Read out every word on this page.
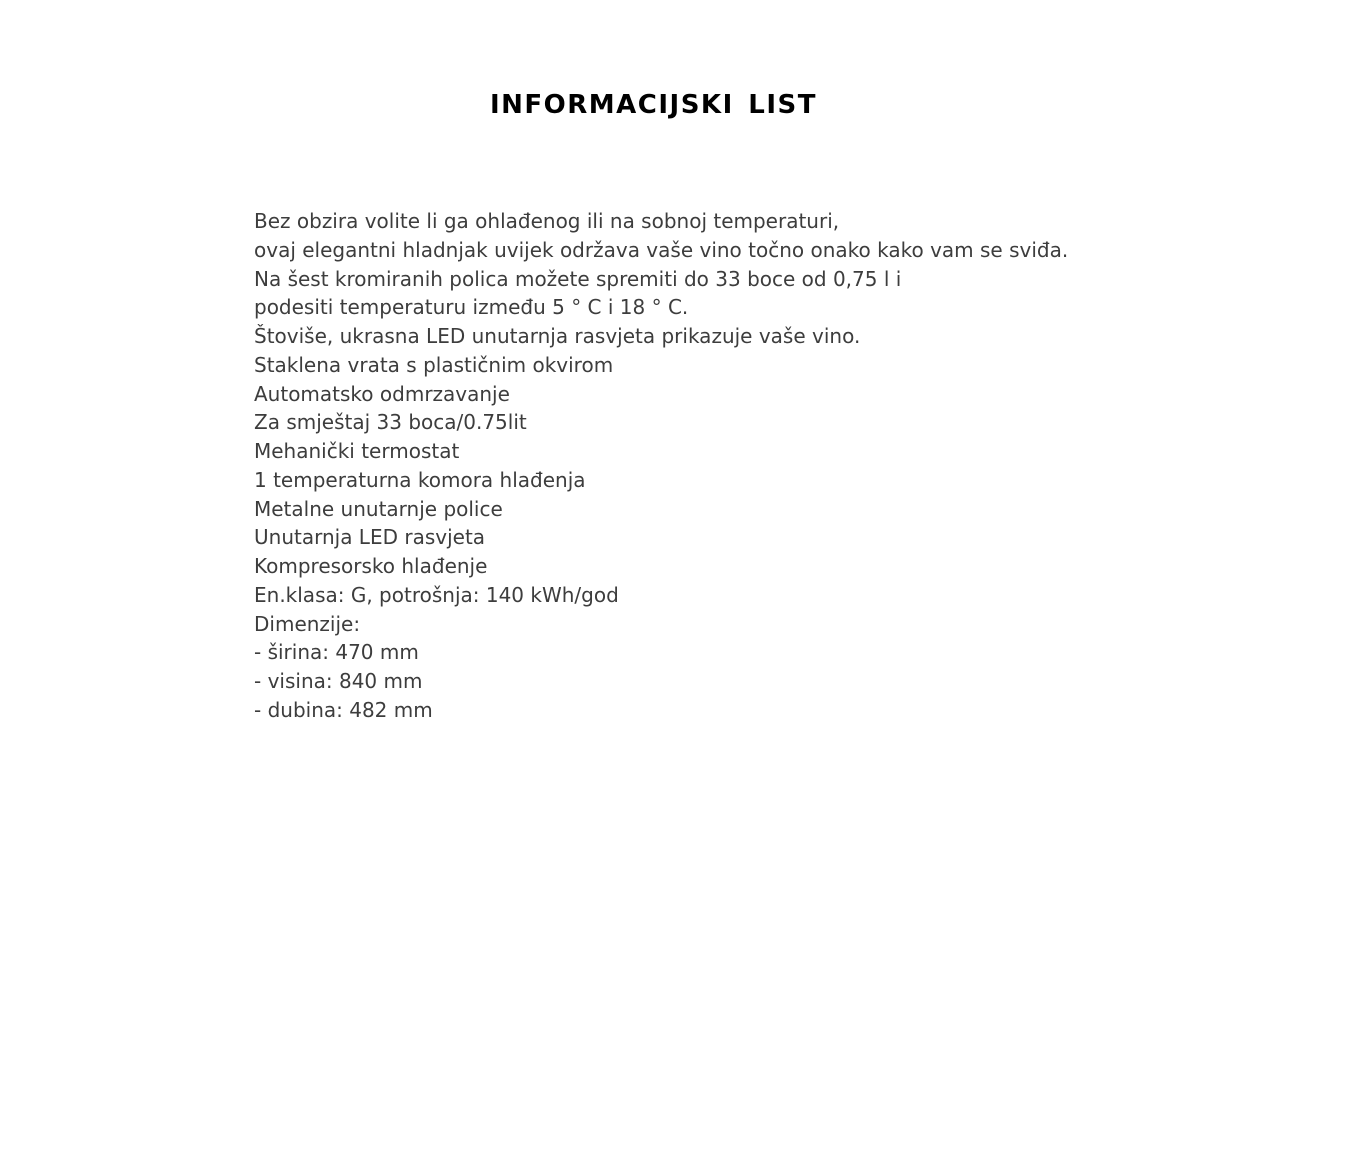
INFORMACIJSKI LIST
Bez obzira volite li ga ohlađenog ili na sobnoj temperaturi,
ovaj elegantni hladnjak uvijek održava vaše vino točno onako kako vam se sviđa.
Na šest kromiranih polica možete spremiti do 33 boce od 0,75 l i
podesiti temperaturu između 5 ° C i 18 ° C.
Štoviše, ukrasna LED unutarnja rasvjeta prikazuje vaše vino.
Staklena vrata s plastičnim okvirom
Automatsko odmrzavanje
Za smještaj 33 boca/0.75lit
Mehanički termostat
1 temperaturna komora hlađenja
Metalne unutarnje police
Unutarnja LED rasvjeta
Kompresorsko hlađenje
En.klasa: G, potrošnja: 140 kWh/god
Dimenzije:
- širina: 470 mm
- visina: 840 mm
- dubina: 482 mm
